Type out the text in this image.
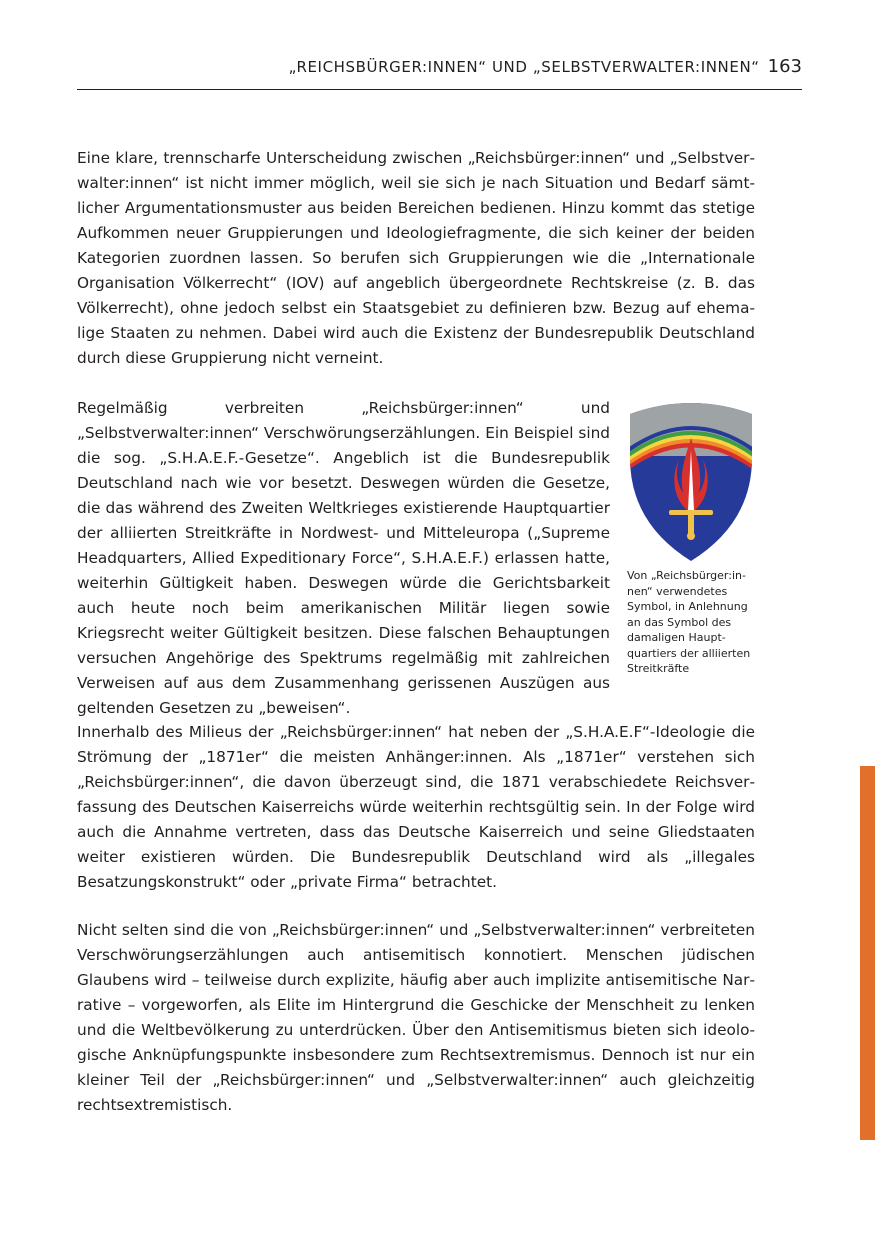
„REICHSBÜRGER:INNEN“ UND „SELBSTVERWALTER:INNEN“ 163

Eine klare, trennscharfe Unterscheidung zwischen „Reichsbürger:innen“ und „Selbstverwalter:innen“ ist nicht immer möglich, weil sie sich je nach Situation und Bedarf sämtlicher Argumentationsmuster aus beiden Bereichen bedienen. Hinzu kommt das stetige Aufkommen neuer Gruppierungen und Ideologiefragmente, die sich keiner der beiden Kategorien zuordnen lassen. So berufen sich Gruppierungen wie die „Internationale Organisation Völkerrecht“ (IOV) auf angeblich übergeordnete Rechtskreise (z. B. das Völkerrecht), ohne jedoch selbst ein Staatsgebiet zu definieren bzw. Bezug auf ehemalige Staaten zu nehmen. Dabei wird auch die Existenz der Bundesrepublik Deutschland durch diese Gruppierung nicht verneint.

Regelmäßig verbreiten „Reichsbürger:innen“ und „Selbstverwalter:innen“ Verschwörungserzählungen. Ein Beispiel sind die sog. „S.H.A.E.F.-Gesetze“. Angeblich ist die Bundesrepublik Deutschland nach wie vor besetzt. Deswegen würden die Gesetze, die das während des Zweiten Weltkrieges existierende Hauptquartier der alliierten Streitkräfte in Nordwest- und Mitteleuropa („Supreme Headquarters, Allied Expeditionary Force“, S.H.A.E.F.) erlassen hatte, weiterhin Gültigkeit haben. Deswegen würde die Gerichtsbarkeit auch heute noch beim amerikanischen Militär liegen sowie Kriegsrecht weiter Gültigkeit besitzen. Diese falschen Behauptungen versuchen Angehörige des Spektrums regelmäßig mit zahlreichen Verweisen auf aus dem Zusammenhang gerissenen Auszügen aus geltenden Gesetzen zu „beweisen“.

Von „Reichsbürger:innen“ verwendetes Symbol, in Anlehnung an das Symbol des damaligen Hauptquartiers der alliierten Streitkräfte

Innerhalb des Milieus der „Reichsbürger:innen“ hat neben der „S.H.A.E.F“-Ideologie die Strömung der „1871er“ die meisten Anhänger:innen. Als „1871er“ verstehen sich „Reichsbürger:innen“, die davon überzeugt sind, die 1871 verabschiedete Reichsverfassung des Deutschen Kaiserreichs würde weiterhin rechtsgültig sein. In der Folge wird auch die Annahme vertreten, dass das Deutsche Kaiserreich und seine Gliedstaaten weiter existieren würden. Die Bundesrepublik Deutschland wird als „illegales Besatzungskonstrukt“ oder „private Firma“ betrachtet.

Nicht selten sind die von „Reichsbürger:innen“ und „Selbstverwalter:innen“ verbreiteten Verschwörungserzählungen auch antisemitisch konnotiert. Menschen jüdischen Glaubens wird – teilweise durch explizite, häufig aber auch implizite antisemitische Narrative – vorgeworfen, als Elite im Hintergrund die Geschicke der Menschheit zu lenken und die Weltbevölkerung zu unterdrücken. Über den Antisemitismus bieten sich ideologische Anknüpfungspunkte insbesondere zum Rechtsextremismus. Dennoch ist nur ein kleiner Teil der „Reichsbürger:innen“ und „Selbstverwalter:innen“ auch gleichzeitig rechtsextremistisch.
